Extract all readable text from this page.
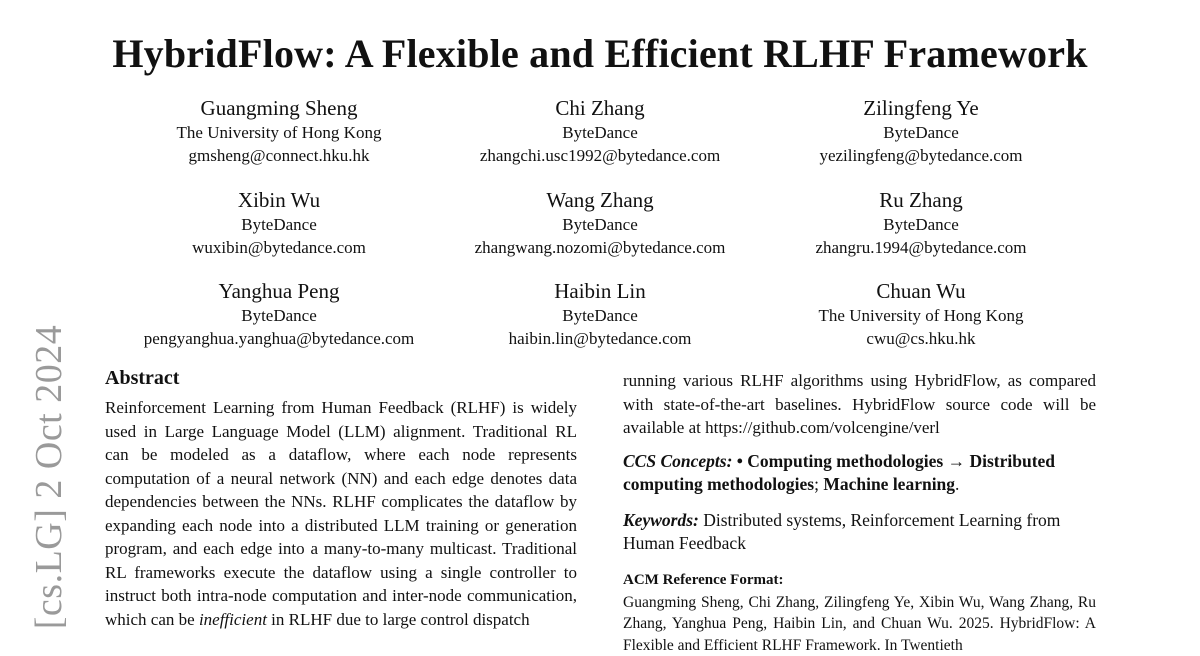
[cs.LG] 2 Oct 2024
HybridFlow: A Flexible and Efficient RLHF Framework
Guangming Sheng
The University of Hong Kong
gmsheng@connect.hku.hk
Chi Zhang
ByteDance
zhangchi.usc1992@bytedance.com
Zilingfeng Ye
ByteDance
yezilingfeng@bytedance.com
Xibin Wu
ByteDance
wuxibin@bytedance.com
Wang Zhang
ByteDance
zhangwang.nozomi@bytedance.com
Ru Zhang
ByteDance
zhangru.1994@bytedance.com
Yanghua Peng
ByteDance
pengyanghua.yanghua@bytedance.com
Haibin Lin
ByteDance
haibin.lin@bytedance.com
Chuan Wu
The University of Hong Kong
cwu@cs.hku.hk
Abstract

Reinforcement Learning from Human Feedback (RLHF) is widely used in Large Language Model (LLM) alignment. Traditional RL can be modeled as a dataflow, where each node represents computation of a neural network (NN) and each edge denotes data dependencies between the NNs. RLHF complicates the dataflow by expanding each node into a distributed LLM training or generation program, and each edge into a many-to-many multicast. Traditional RL frameworks execute the dataflow using a single controller to instruct both intra-node computation and inter-node communication, which can be inefficient in RLHF due to large control dispatch

running various RLHF algorithms using HybridFlow, as compared with state-of-the-art baselines. HybridFlow source code will be available at https://github.com/volcengine/verl

CCS Concepts: • Computing methodologies → Distributed computing methodologies; Machine learning.

Keywords: Distributed systems, Reinforcement Learning from Human Feedback

ACM Reference Format:

Guangming Sheng, Chi Zhang, Zilingfeng Ye, Xibin Wu, Wang Zhang, Ru Zhang, Yanghua Peng, Haibin Lin, and Chuan Wu. 2025. HybridFlow: A Flexible and Efficient RLHF Framework. In Twentieth
